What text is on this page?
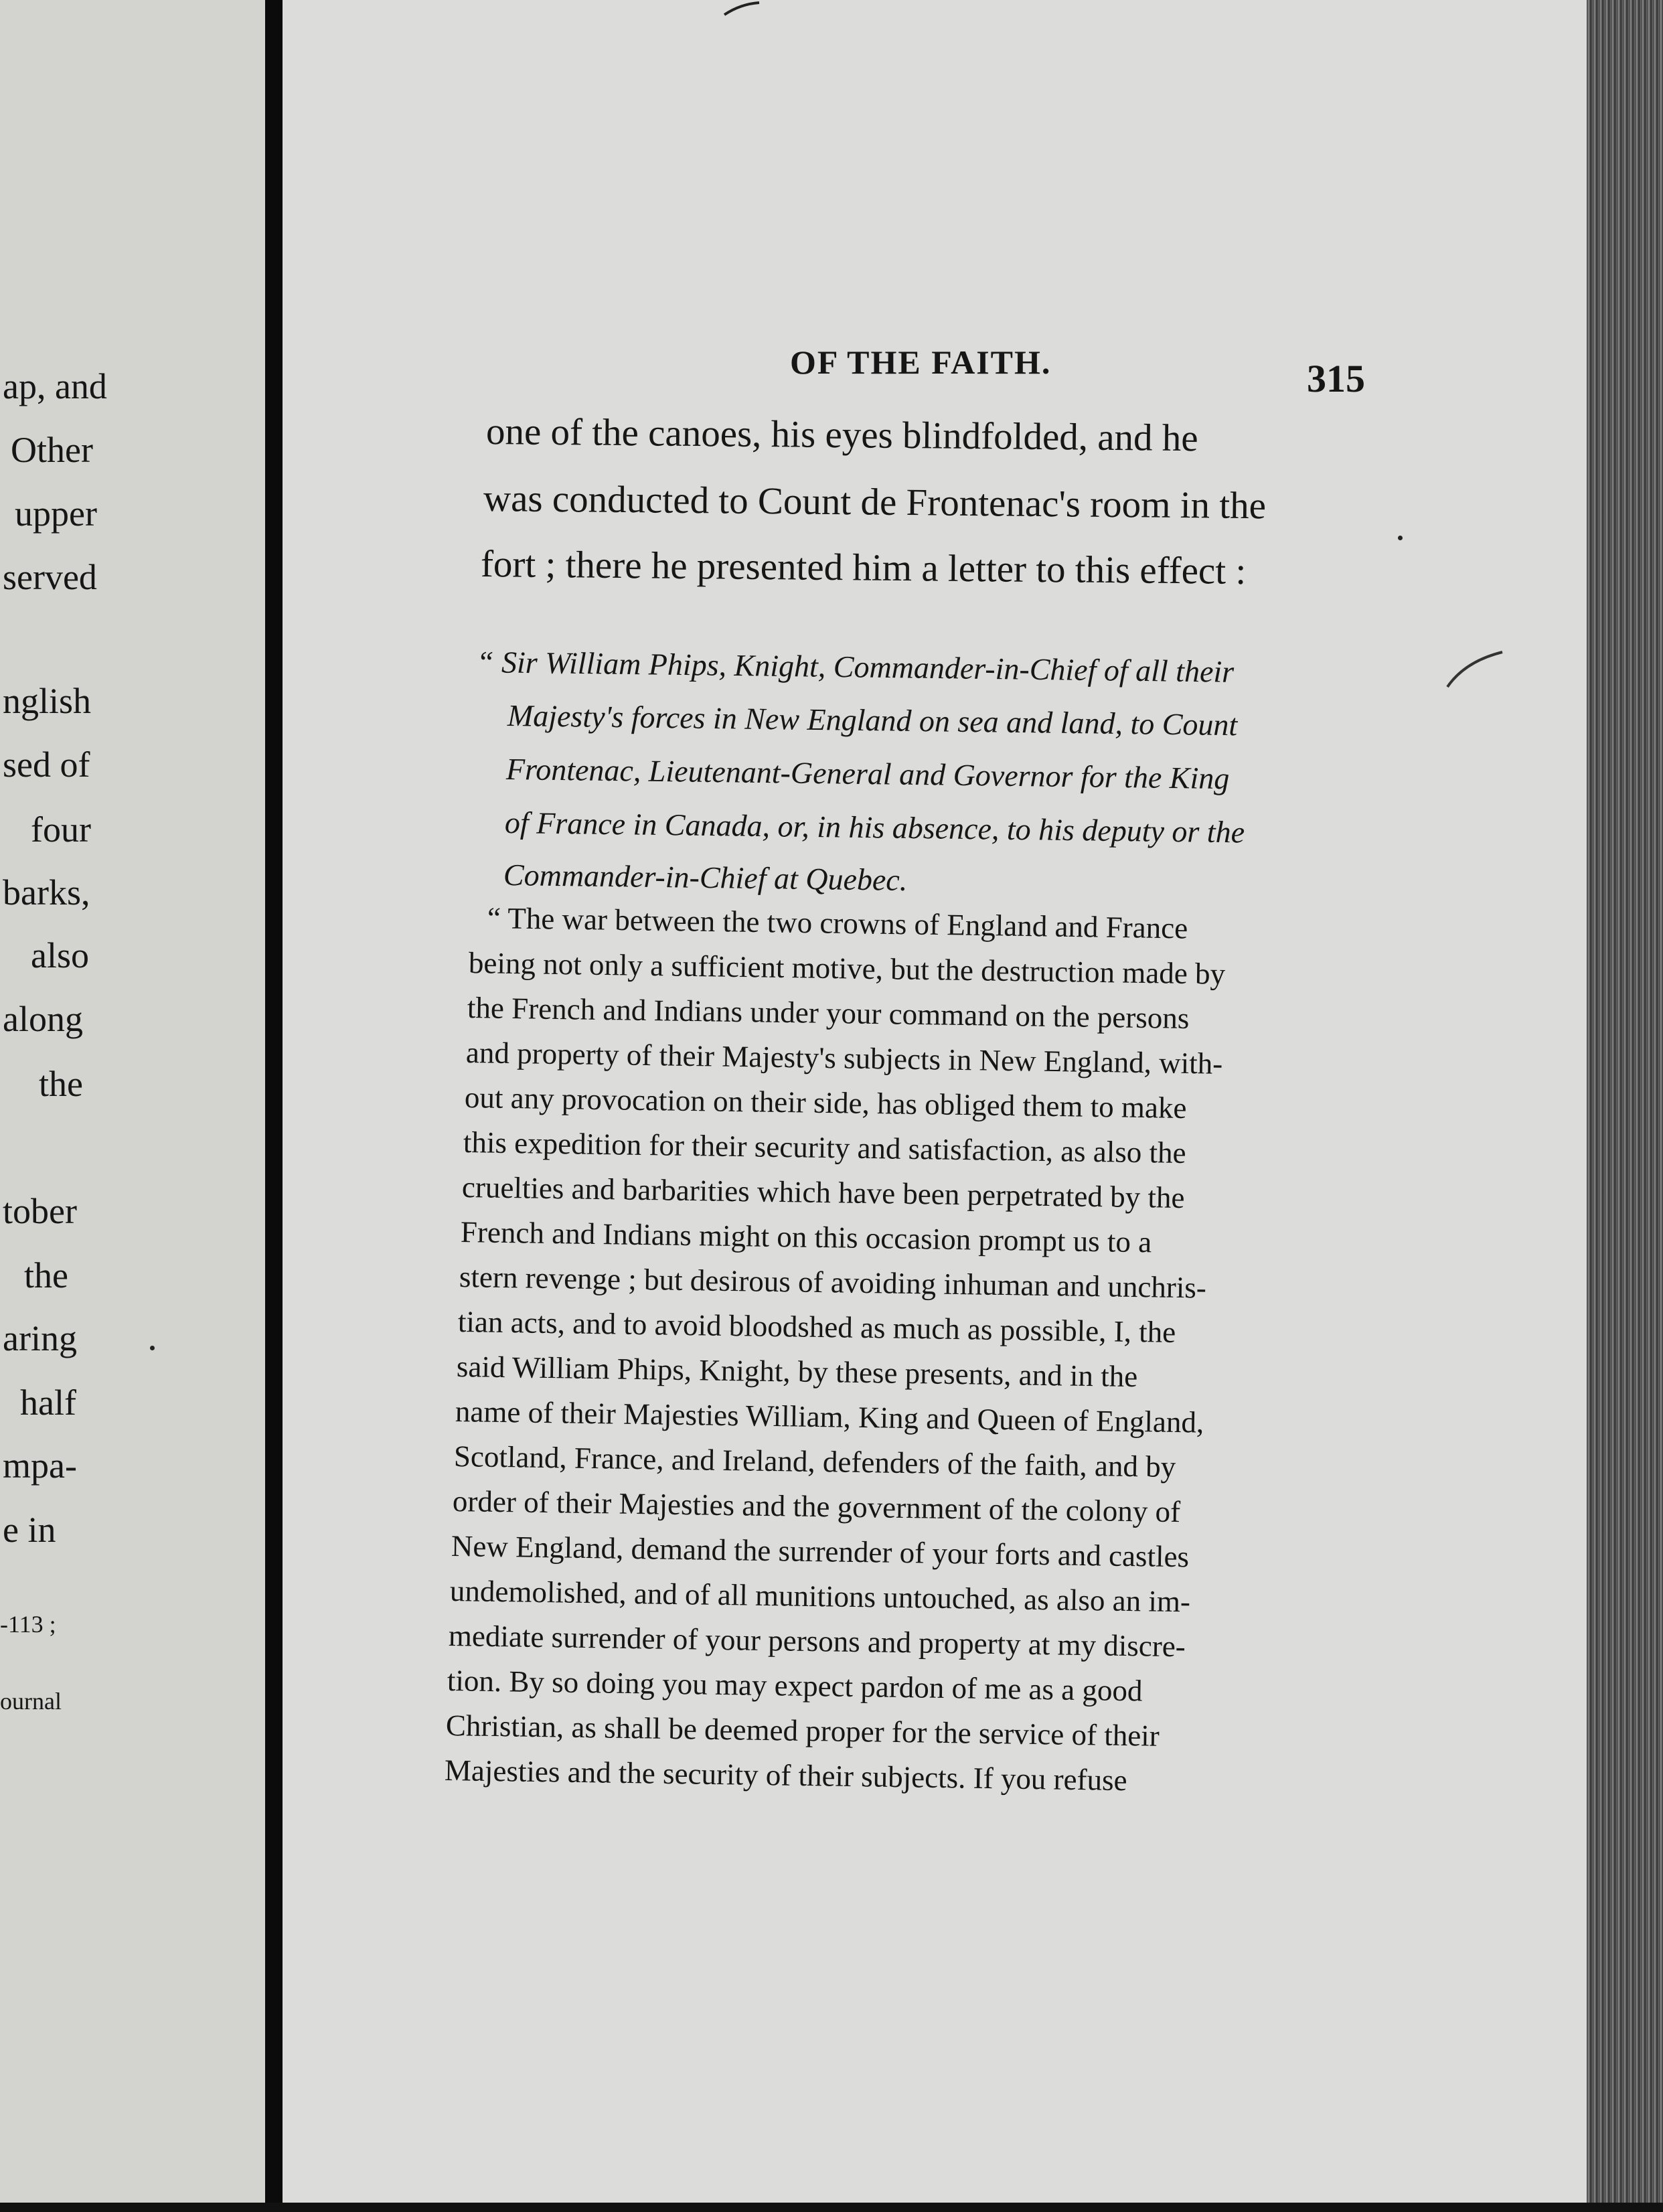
ap, and
Other
upper
served
nglish
sed of
four
barks,
also
along
the
tober
the
aring
half
mpa-
e in
-113 ;
ournal
OF THE FAITH.	315
one of the canoes, his eyes blindfolded, and he
was conducted to Count de Frontenac's room in the
fort ; there he presented him a letter to this effect :
“ Sir William Phips, Knight, Commander-in-Chief of all their
Majesty's forces in New England on sea and land, to Count
Frontenac, Lieutenant-General and Governor for the King
of France in Canada, or, in his absence, to his deputy or the
Commander-in-Chief at Quebec.
“ The war between the two crowns of England and France
being not only a sufficient motive, but the destruction made by
the French and Indians under your command on the persons
and property of their Majesty's subjects in New England, with-
out any provocation on their side, has obliged them to make
this expedition for their security and satisfaction, as also the
cruelties and barbarities which have been perpetrated by the
French and Indians might on this occasion prompt us to a
stern revenge ; but desirous of avoiding inhuman and unchris-
tian acts, and to avoid bloodshed as much as possible, I, the
said William Phips, Knight, by these presents, and in the
name of their Majesties William, King and Queen of England,
Scotland, France, and Ireland, defenders of the faith, and by
order of their Majesties and the government of the colony of
New England, demand the surrender of your forts and castles
undemolished, and of all munitions untouched, as also an im-
mediate surrender of your persons and property at my discre-
tion. By so doing you may expect pardon of me as a good
Christian, as shall be deemed proper for the service of their
Majesties and the security of their subjects. If you refuse
